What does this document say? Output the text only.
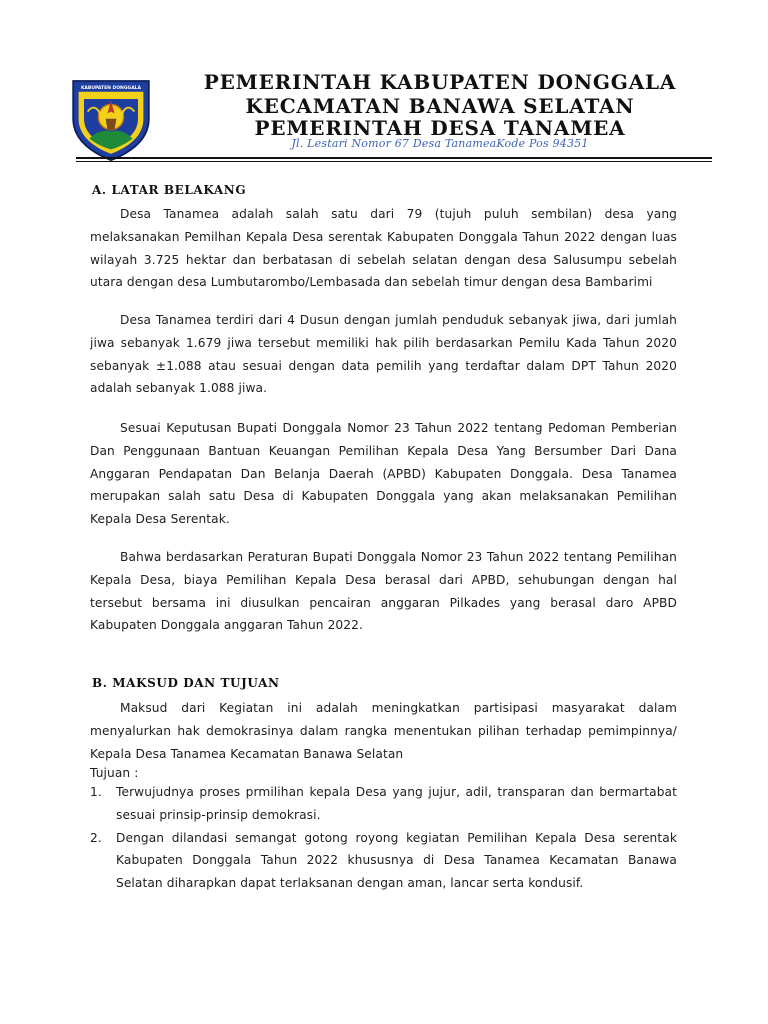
KABUPATEN DONGGALA	PEMERINTAH KABUPATEN DONGGALA
KECAMATAN BANAWA SELATAN
PEMERINTAH DESA TANAMEA
Jl. Lestari Nomor 67 Desa TanameaKode Pos 94351
A. LATAR BELAKANG

Desa Tanamea adalah salah satu dari 79 (tujuh puluh sembilan) desa yang melaksanakan Pemilhan Kepala Desa serentak Kabupaten Donggala Tahun 2022 dengan luas wilayah 3.725 hektar dan berbatasan di sebelah selatan dengan desa Salusumpu sebelah utara dengan desa Lumbutarombo/Lembasada dan sebelah timur dengan desa Bambarimi

Desa Tanamea terdiri dari 4 Dusun dengan jumlah penduduk sebanyak jiwa, dari jumlah jiwa sebanyak 1.679 jiwa tersebut memiliki hak pilih berdasarkan Pemilu Kada Tahun 2020 sebanyak ±1.088 atau sesuai dengan data pemilih yang terdaftar dalam DPT Tahun 2020 adalah sebanyak 1.088 jiwa.

Sesuai Keputusan Bupati Donggala Nomor 23 Tahun 2022 tentang Pedoman Pemberian Dan Penggunaan Bantuan Keuangan Pemilihan Kepala Desa Yang Bersumber Dari Dana Anggaran Pendapatan Dan Belanja Daerah (APBD) Kabupaten Donggala. Desa Tanamea merupakan salah satu Desa di Kabupaten Donggala yang akan melaksanakan Pemilihan Kepala Desa Serentak.

Bahwa berdasarkan Peraturan Bupati Donggala Nomor 23 Tahun 2022 tentang Pemilihan Kepala Desa, biaya Pemilihan Kepala Desa berasal dari APBD, sehubungan dengan hal tersebut bersama ini diusulkan pencairan anggaran Pilkades yang berasal daro APBD Kabupaten Donggala anggaran Tahun 2022.

B. MAKSUD DAN TUJUAN

Maksud dari Kegiatan ini adalah meningkatkan partisipasi masyarakat dalam menyalurkan hak demokrasinya dalam rangka menentukan pilihan terhadap pemimpinnya/ Kepala Desa Tanamea Kecamatan Banawa Selatan

Tujuan :

1. Terwujudnya proses prmilihan kepala Desa yang jujur, adil, transparan dan bermartabat sesuai prinsip-prinsip demokrasi.
2. Dengan dilandasi semangat gotong royong kegiatan Pemilihan Kepala Desa serentak Kabupaten Donggala Tahun 2022 khususnya di Desa Tanamea Kecamatan Banawa Selatan diharapkan dapat terlaksanan dengan aman, lancar serta kondusif.
